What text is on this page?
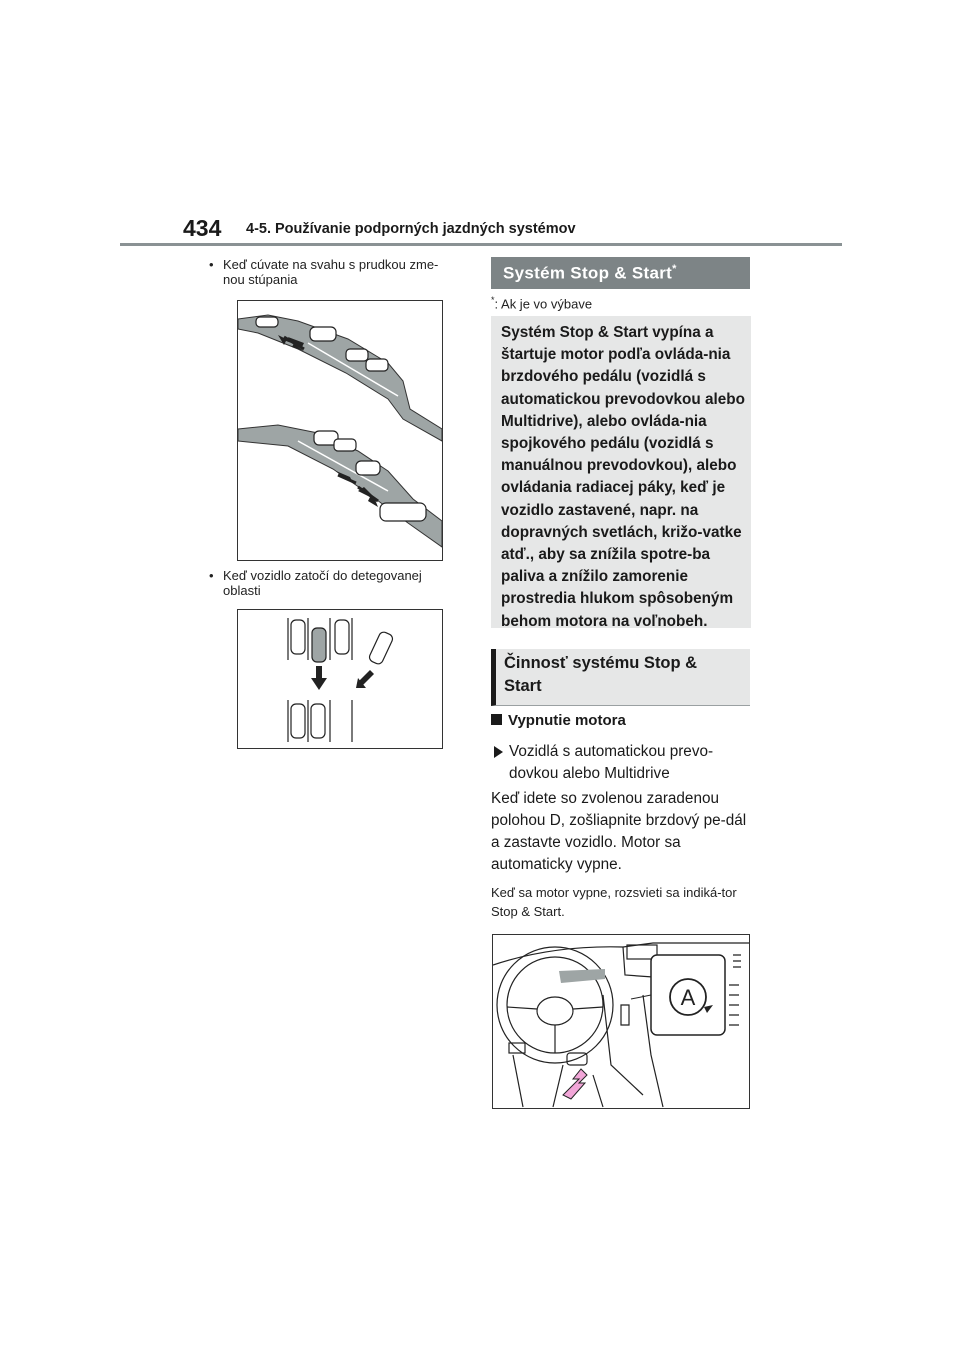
434 4-5. Používanie podporných jazdných systémov
• Keď cúvate na svahu s prudkou zme-nou stúpania
• Keď vozidlo zatočí do detegovanej oblasti
Systém Stop & Start*
*: Ak je vo výbave
Systém Stop & Start vypína a štartuje motor podľa ovláda-nia brzdového pedálu (vozidlá s automatickou prevodovkou alebo Multidrive), alebo ovláda-nia spojkového pedálu (vozidlá s manuálnou prevodovkou), alebo ovládania radiacej páky, keď je vozidlo zastavené, napr. na dopravných svetlách, križo-vatke atď., aby sa znížila spotre-ba paliva a znížilo zamorenie prostredia hlukom spôsobeným behom motora na voľnobeh.
Činnosť systému Stop & Start
Vypnutie motora
Vozidlá s automatickou prevo-dovkou alebo Multidrive
Keď idete so zvolenou zaradenou polohou D, zošliapnite brzdový pe-dál a zastavte vozidlo. Motor sa automaticky vypne.
Keď sa motor vypne, rozsvieti sa indiká-tor Stop & Start.
A
